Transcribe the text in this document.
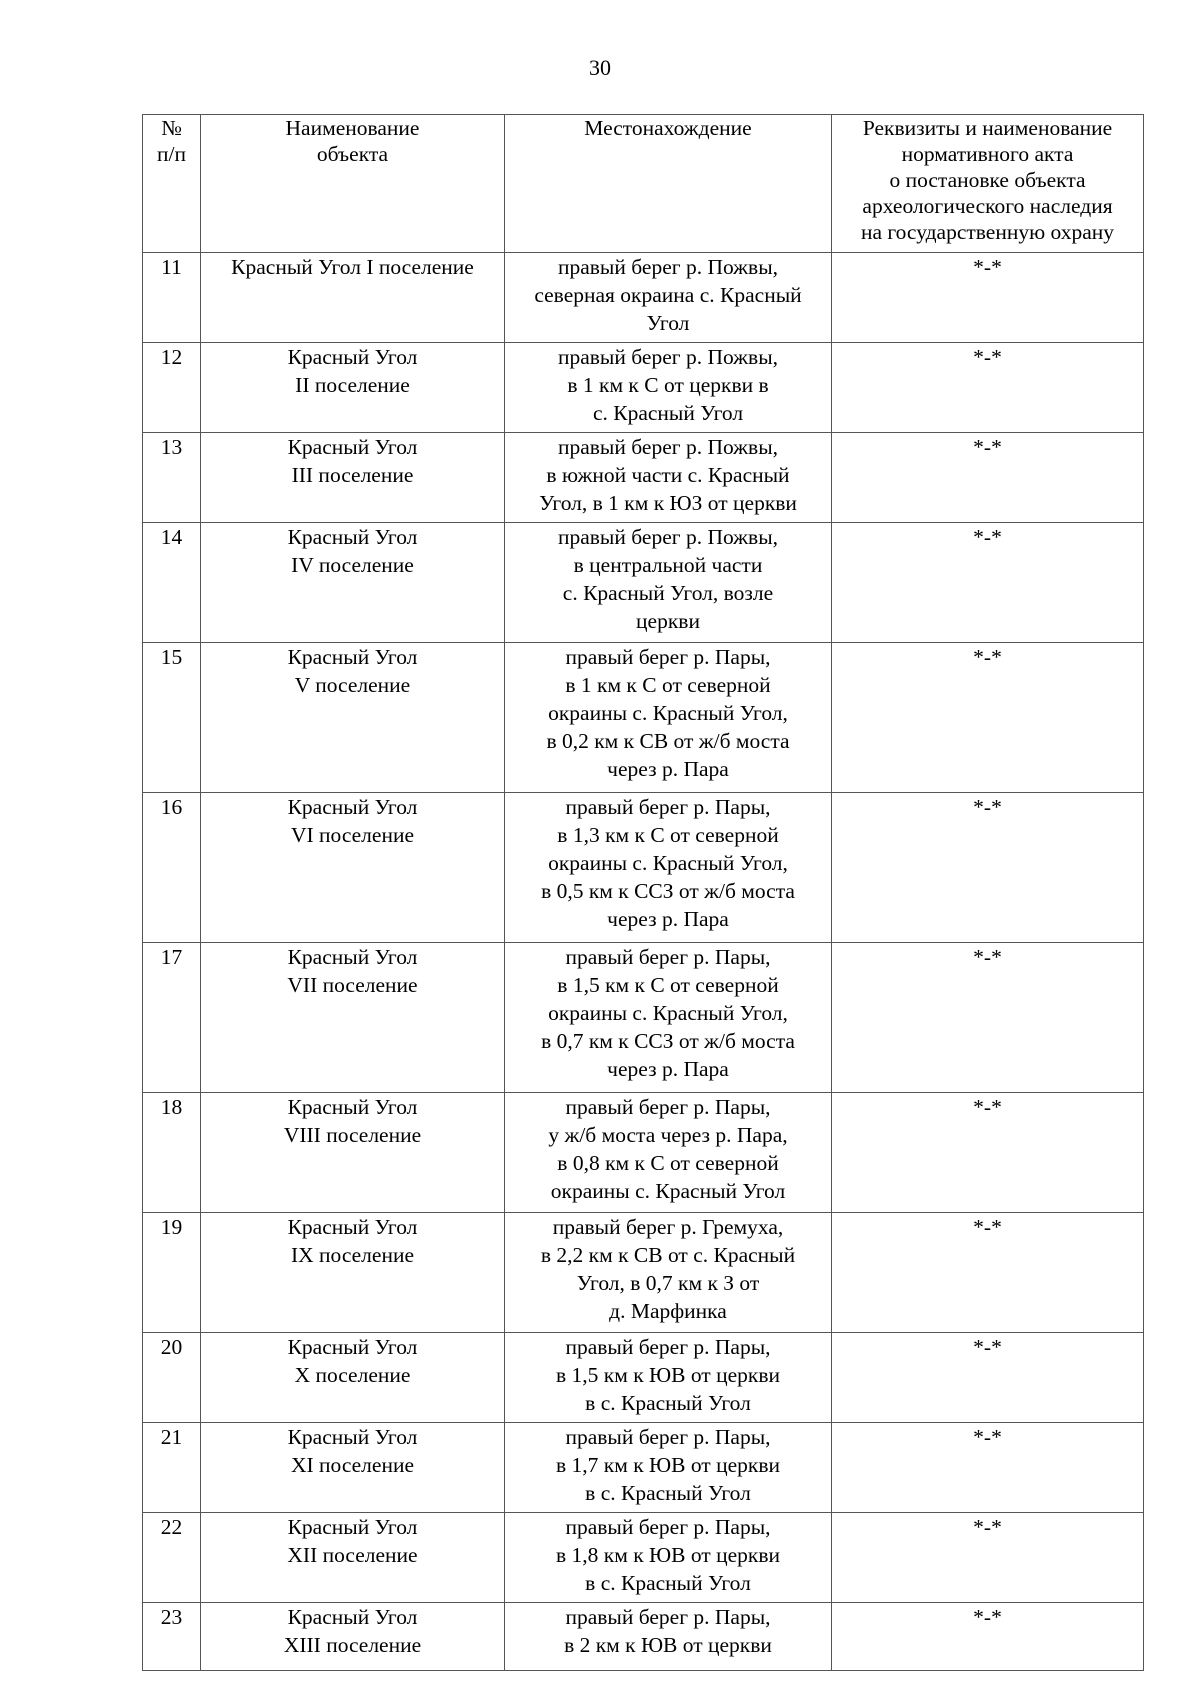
30
№
п/п	Наименование
объекта	Местонахождение	Реквизиты и наименование
нормативного акта
о постановке объекта
археологического наследия
на государственную охрану
11	Красный Угол I поселение	правый берег р. Пожвы,
северная окраина с. Красный
Угол	*-*
12	Красный Угол
II поселение	правый берег р. Пожвы,
в 1 км к С от церкви в
с. Красный Угол	*-*
13	Красный Угол
III поселение	правый берег р. Пожвы,
в южной части с. Красный
Угол, в 1 км к ЮЗ от церкви	*-*
14	Красный Угол
IV поселение	правый берег р. Пожвы,
в центральной части
с. Красный Угол, возле
церкви	*-*
15	Красный Угол
V поселение	правый берег р. Пары,
в 1 км к С от северной
окраины с. Красный Угол,
в 0,2 км к СВ от ж/б моста
через р. Пара	*-*
16	Красный Угол
VI поселение	правый берег р. Пары,
в 1,3 км к С от северной
окраины с. Красный Угол,
в 0,5 км к ССЗ от ж/б моста
через р. Пара	*-*
17	Красный Угол
VII поселение	правый берег р. Пары,
в 1,5 км к С от северной
окраины с. Красный Угол,
в 0,7 км к ССЗ от ж/б моста
через р. Пара	*-*
18	Красный Угол
VIII поселение	правый берег р. Пары,
у ж/б моста через р. Пара,
в 0,8 км к С от северной
окраины с. Красный Угол	*-*
19	Красный Угол
IX поселение	правый берег р. Гремуха,
в 2,2 км к СВ от с. Красный
Угол, в 0,7 км к З от
д. Марфинка	*-*
20	Красный Угол
X поселение	правый берег р. Пары,
в 1,5 км к ЮВ от церкви
в с. Красный Угол	*-*
21	Красный Угол
XI поселение	правый берег р. Пары,
в 1,7 км к ЮВ от церкви
в с. Красный Угол	*-*
22	Красный Угол
XII поселение	правый берег р. Пары,
в 1,8 км к ЮВ от церкви
в с. Красный Угол	*-*
23	Красный Угол
XIII поселение	правый берег р. Пары,
в 2 км к ЮВ от церкви	*-*
